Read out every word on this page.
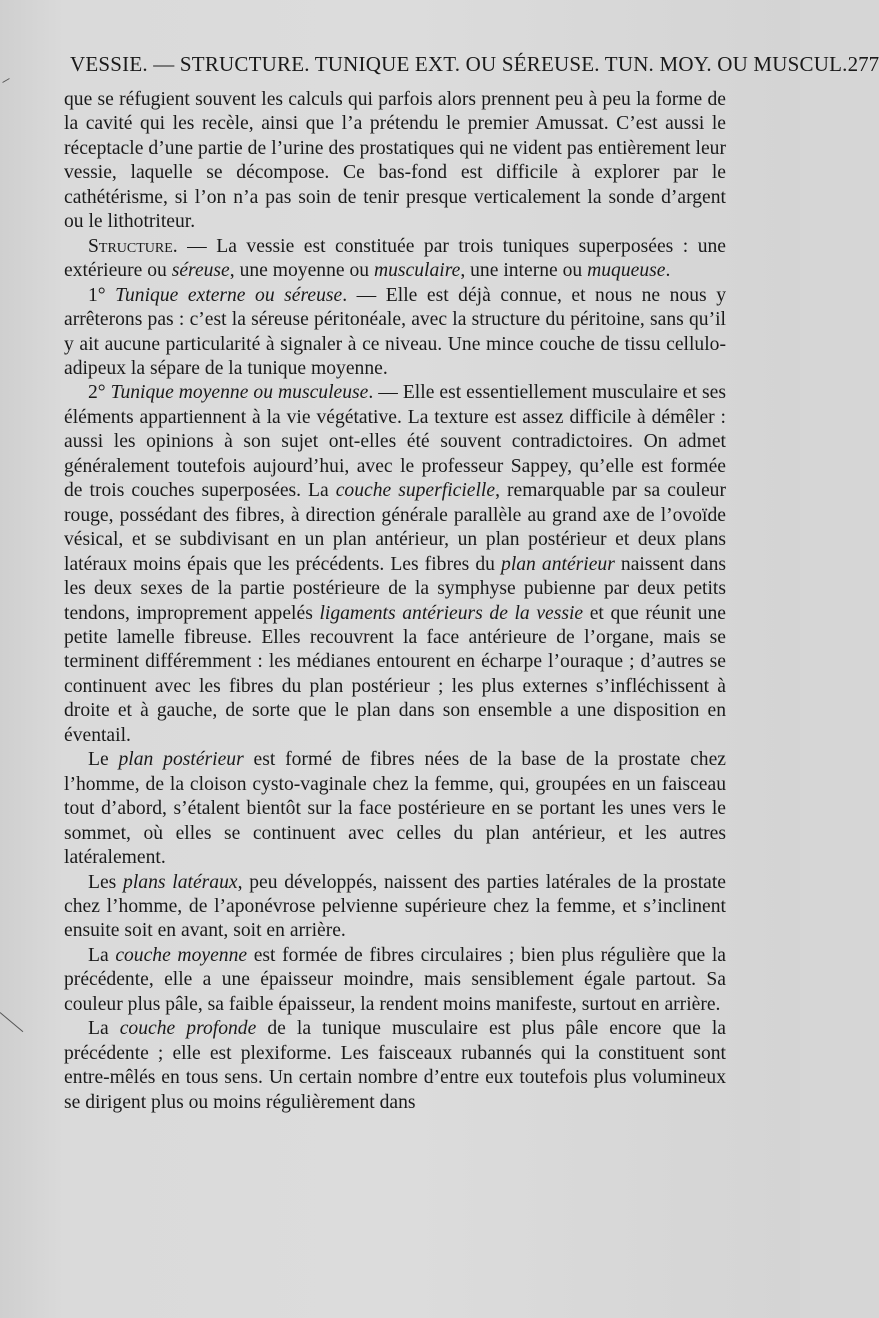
VESSIE. — STRUCTURE. TUNIQUE EXT. OU SÉREUSE. TUN. MOY. OU MUSCUL. 277

que se réfugient souvent les calculs qui parfois alors prennent peu à peu la forme de la cavité qui les recèle, ainsi que l’a prétendu le premier Amussat. C’est aussi le réceptacle d’une partie de l’urine des prostatiques qui ne vident pas entièrement leur vessie, laquelle se décompose. Ce bas-fond est difficile à explorer par le cathétérisme, si l’on n’a pas soin de tenir presque verticalement la sonde d’argent ou le lithotriteur.

Structure. — La vessie est constituée par trois tuniques superposées : une extérieure ou séreuse, une moyenne ou musculaire, une interne ou muqueuse.

1° Tunique externe ou séreuse. — Elle est déjà connue, et nous ne nous y arrêterons pas : c’est la séreuse péritonéale, avec la structure du péritoine, sans qu’il y ait aucune particularité à signaler à ce niveau. Une mince couche de tissu cellulo-adipeux la sépare de la tunique moyenne.

2° Tunique moyenne ou musculeuse. — Elle est essentiellement musculaire et ses éléments appartiennent à la vie végétative. La texture est assez difficile à démêler : aussi les opinions à son sujet ont-elles été souvent contradictoires. On admet généralement toutefois aujourd’hui, avec le professeur Sappey, qu’elle est formée de trois couches superposées. La couche superficielle, remarquable par sa couleur rouge, possédant des fibres, à direction générale parallèle au grand axe de l’ovoïde vésical, et se subdivisant en un plan antérieur, un plan postérieur et deux plans latéraux moins épais que les précédents. Les fibres du plan antérieur naissent dans les deux sexes de la partie postérieure de la symphyse pubienne par deux petits tendons, improprement appelés ligaments antérieurs de la vessie et que réunit une petite lamelle fibreuse. Elles recouvrent la face antérieure de l’organe, mais se terminent différemment : les médianes entourent en écharpe l’ouraque ; d’autres se continuent avec les fibres du plan postérieur ; les plus externes s’infléchissent à droite et à gauche, de sorte que le plan dans son ensemble a une disposition en éventail.

Le plan postérieur est formé de fibres nées de la base de la prostate chez l’homme, de la cloison cysto-vaginale chez la femme, qui, groupées en un faisceau tout d’abord, s’étalent bientôt sur la face postérieure en se portant les unes vers le sommet, où elles se continuent avec celles du plan antérieur, et les autres latéralement.

Les plans latéraux, peu développés, naissent des parties latérales de la prostate chez l’homme, de l’aponévrose pelvienne supérieure chez la femme, et s’inclinent ensuite soit en avant, soit en arrière.

La couche moyenne est formée de fibres circulaires ; bien plus régulière que la précédente, elle a une épaisseur moindre, mais sensiblement égale partout. Sa couleur plus pâle, sa faible épaisseur, la rendent moins manifeste, surtout en arrière.

La couche profonde de la tunique musculaire est plus pâle encore que la précédente ; elle est plexiforme. Les faisceaux rubannés qui la constituent sont entre-mêlés en tous sens. Un certain nombre d’entre eux toutefois plus volumineux se dirigent plus ou moins régulièrement dans
